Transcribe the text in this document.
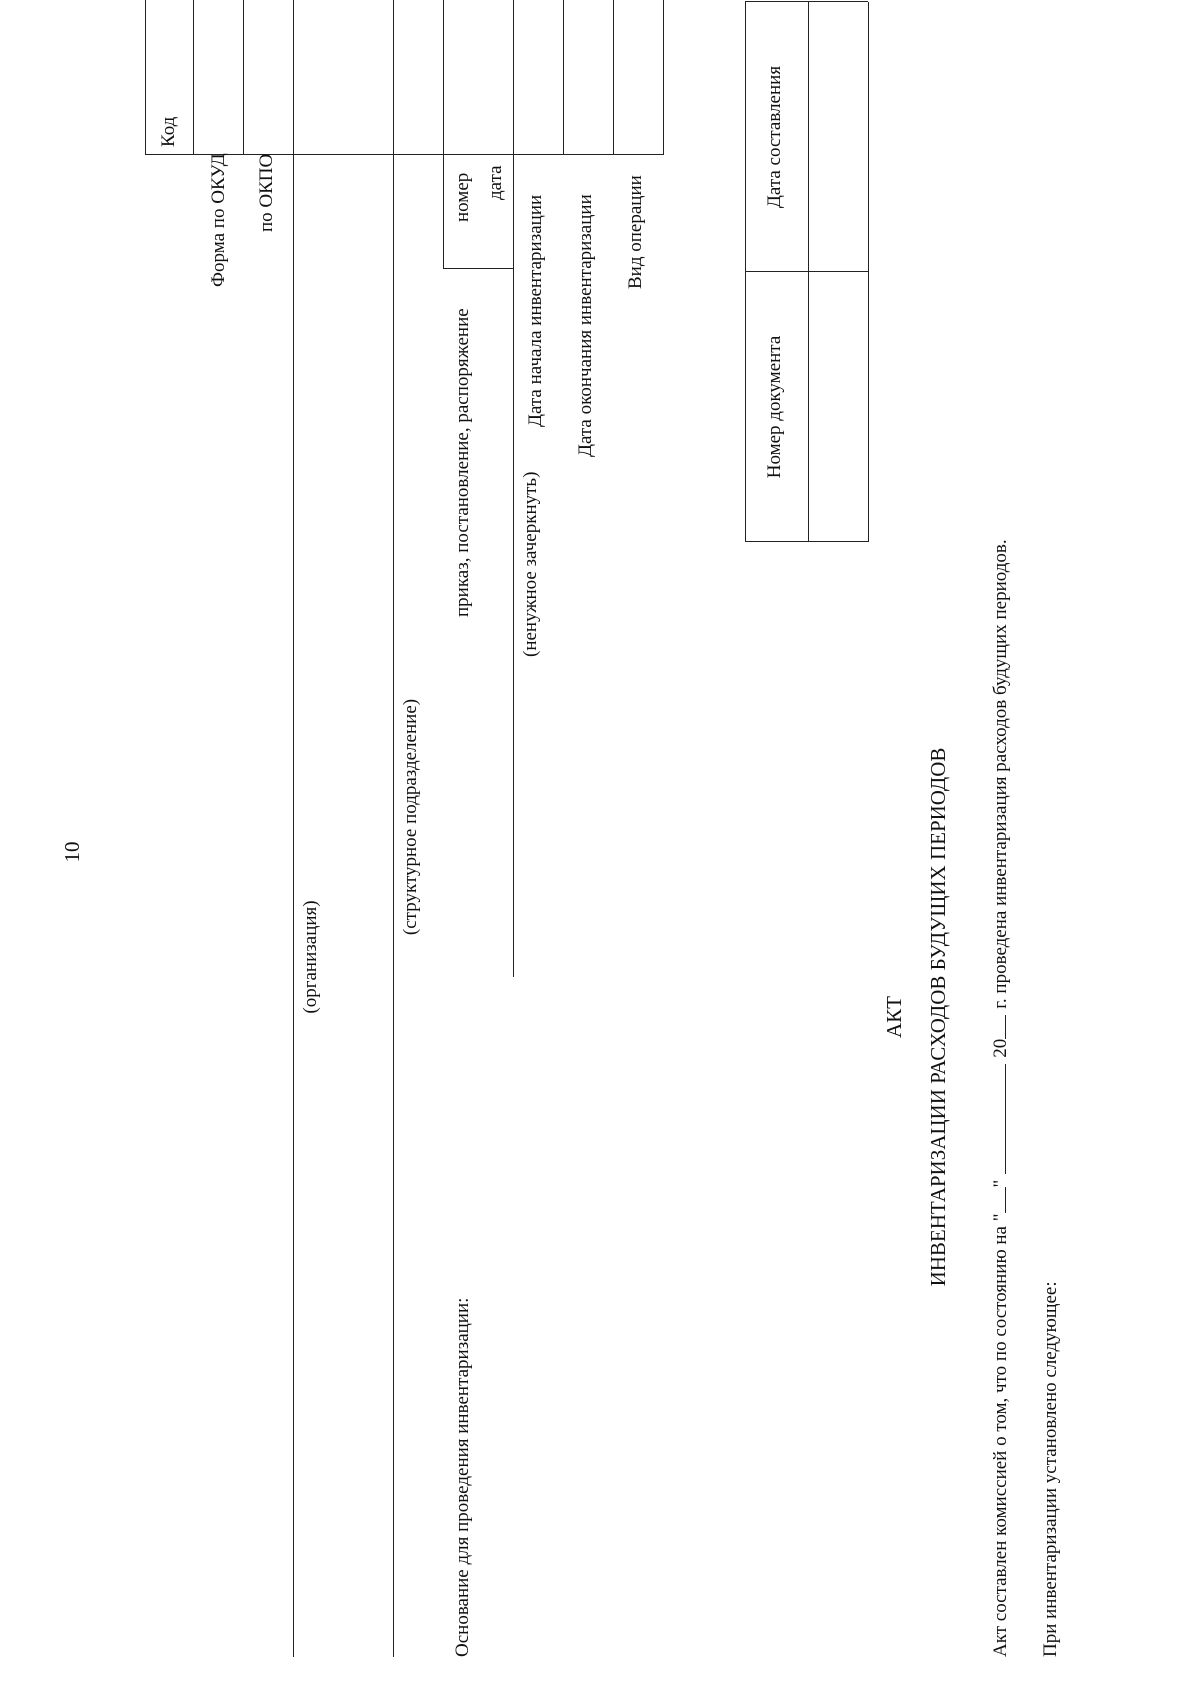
10
Код
Форма по ОКУД по ОКПО	номер дата
Дата начала инвентаризации Дата окончания инвентаризации Вид операции
(организация)
(структурное подразделение)
Основание для проведения инвентаризации:
приказ, постановление, распоряжение (ненужное зачеркнуть)
Номер документа
Дата составления
АКТ ИНВЕНТАРИЗАЦИИ РАСХОДОВ БУДУЩИХ ПЕРИОДОВ
Акт составлен комиссией о том, что по состоянию на ""20г. проведена инвентаризация расходов будущих периодов.
При инвентаризации установлено следующее:
